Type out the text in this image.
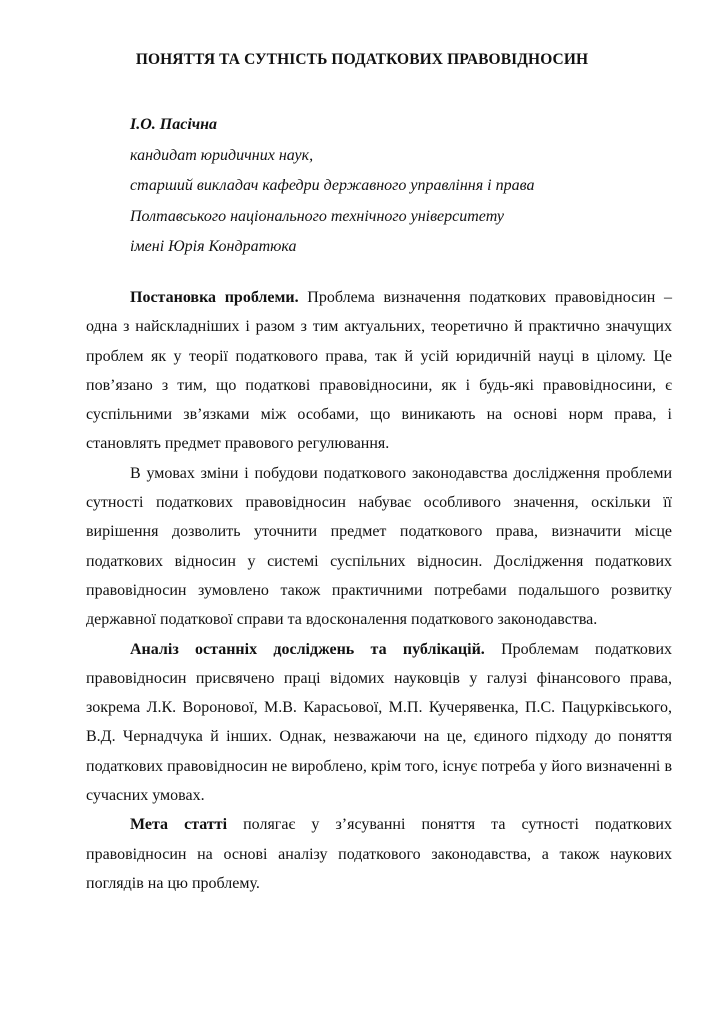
ПОНЯТТЯ ТА СУТНІСТЬ ПОДАТКОВИХ ПРАВОВІДНОСИН
І.О. Пасічна
кандидат юридичних наук,
старший викладач кафедри державного управління і права
Полтавського національного технічного університету
імені Юрія Кондратюка

Постановка проблеми. Проблема визначення податкових правовідносин – одна з найскладніших і разом з тим актуальних, теоретично й практично значущих проблем як у теорії податкового права, так й усій юридичній науці в цілому. Це пов’язано з тим, що податкові правовідносини, як і будь-які правовідносини, є суспільними зв’язками між особами, що виникають на основі норм права, і становлять предмет правового регулювання.

В умовах зміни і побудови податкового законодавства дослідження проблеми сутності податкових правовідносин набуває особливого значення, оскільки її вирішення дозволить уточнити предмет податкового права, визначити місце податкових відносин у системі суспільних відносин. Дослідження податкових правовідносин зумовлено також практичними потребами подальшого розвитку державної податкової справи та вдосконалення податкового законодавства.

Аналіз останніх досліджень та публікацій. Проблемам податкових правовідносин присвячено праці відомих науковців у галузі фінансового права, зокрема Л.К. Воронової, М.В. Карасьової, М.П. Кучерявенка, П.С. Пацурківського, В.Д. Чернадчука й інших. Однак, незважаючи на це, єдиного підходу до поняття податкових правовідносин не вироблено, крім того, існує потреба у його визначенні в сучасних умовах.

Мета статті полягає у з’ясуванні поняття та сутності податкових правовідносин на основі аналізу податкового законодавства, а також наукових поглядів на цю проблему.
